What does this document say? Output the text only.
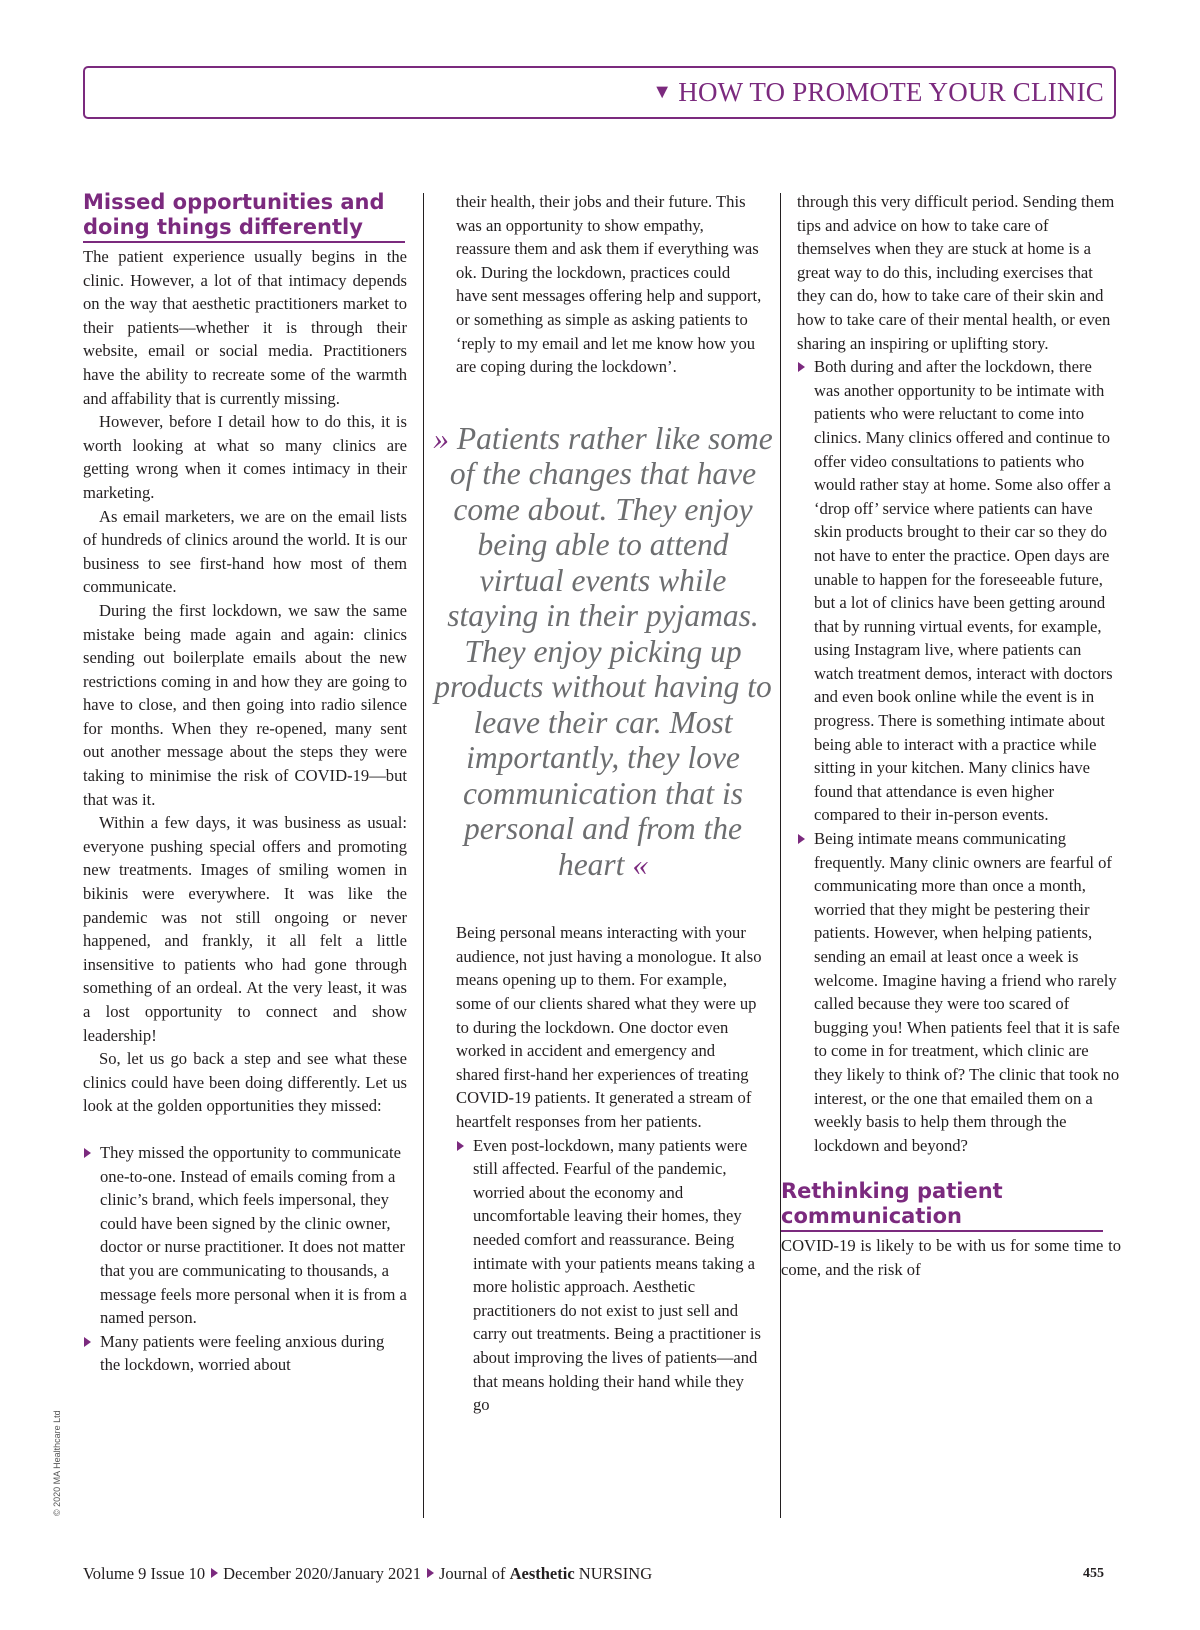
▼ HOW TO PROMOTE YOUR CLINIC
Missed opportunities and doing things differently

The patient experience usually begins in the clinic. However, a lot of that intimacy depends on the way that aesthetic practitioners market to their patients—whether it is through their website, email or social media. Practitioners have the ability to recreate some of the warmth and affability that is currently missing.

However, before I detail how to do this, it is worth looking at what so many clinics are getting wrong when it comes intimacy in their marketing.

As email marketers, we are on the email lists of hundreds of clinics around the world. It is our business to see first-hand how most of them communicate.

During the first lockdown, we saw the same mistake being made again and again: clinics sending out boilerplate emails about the new restrictions coming in and how they are going to have to close, and then going into radio silence for months. When they re-opened, many sent out another message about the steps they were taking to minimise the risk of COVID-19—but that was it.

Within a few days, it was business as usual: everyone pushing special offers and promoting new treatments. Images of smiling women in bikinis were everywhere. It was like the pandemic was not still ongoing or never happened, and frankly, it all felt a little insensitive to patients who had gone through something of an ordeal. At the very least, it was a lost opportunity to connect and show leadership!

So, let us go back a step and see what these clinics could have been doing differently. Let us look at the golden opportunities they missed:

They missed the opportunity to communicate one-to-one. Instead of emails coming from a clinic’s brand, which feels impersonal, they could have been signed by the clinic owner, doctor or nurse practitioner. It does not matter that you are communicating to thousands, a message feels more personal when it is from a named person.
Many patients were feeling anxious during the lockdown, worried about

their health, their jobs and their future. This was an opportunity to show empathy, reassure them and ask them if everything was ok. During the lockdown, practices could have sent messages offering help and support, or something as simple as asking patients to ‘reply to my email and let me know how you are coping during the lockdown’.

» Patients rather like some of the changes that have come about. They enjoy being able to attend virtual events while staying in their pyjamas. They enjoy picking up products without having to leave their car. Most importantly, they love communication that is personal and from the heart «

Being personal means interacting with your audience, not just having a monologue. It also means opening up to them. For example, some of our clients shared what they were up to during the lockdown. One doctor even worked in accident and emergency and shared first-hand her experiences of treating COVID-19 patients. It generated a stream of heartfelt responses from her patients.

Even post-lockdown, many patients were still affected. Fearful of the pandemic, worried about the economy and uncomfortable leaving their homes, they needed comfort and reassurance. Being intimate with your patients means taking a more holistic approach. Aesthetic practitioners do not exist to just sell and carry out treatments. Being a practitioner is about improving the lives of patients—and that means holding their hand while they go

through this very difficult period. Sending them tips and advice on how to take care of themselves when they are stuck at home is a great way to do this, including exercises that they can do, how to take care of their skin and how to take care of their mental health, or even sharing an inspiring or uplifting story.

Both during and after the lockdown, there was another opportunity to be intimate with patients who were reluctant to come into clinics. Many clinics offered and continue to offer video consultations to patients who would rather stay at home. Some also offer a ‘drop off’ service where patients can have skin products brought to their car so they do not have to enter the practice. Open days are unable to happen for the foreseeable future, but a lot of clinics have been getting around that by running virtual events, for example, using Instagram live, where patients can watch treatment demos, interact with doctors and even book online while the event is in progress. There is something intimate about being able to interact with a practice while sitting in your kitchen. Many clinics have found that attendance is even higher compared to their in-person events.
Being intimate means communicating frequently. Many clinic owners are fearful of communicating more than once a month, worried that they might be pestering their patients. However, when helping patients, sending an email at least once a week is welcome. Imagine having a friend who rarely called because they were too scared of bugging you! When patients feel that it is safe to come in for treatment, which clinic are they likely to think of? The clinic that took no interest, or the one that emailed them on a weekly basis to help them through the lockdown and beyond?
Rethinking patient communication

COVID-19 is likely to be with us for some time to come, and the risk of

© 2020 MA Healthcare Ltd
Volume 9 Issue 10 December 2020/January 2021 Journal of Aesthetic NURSING	455
